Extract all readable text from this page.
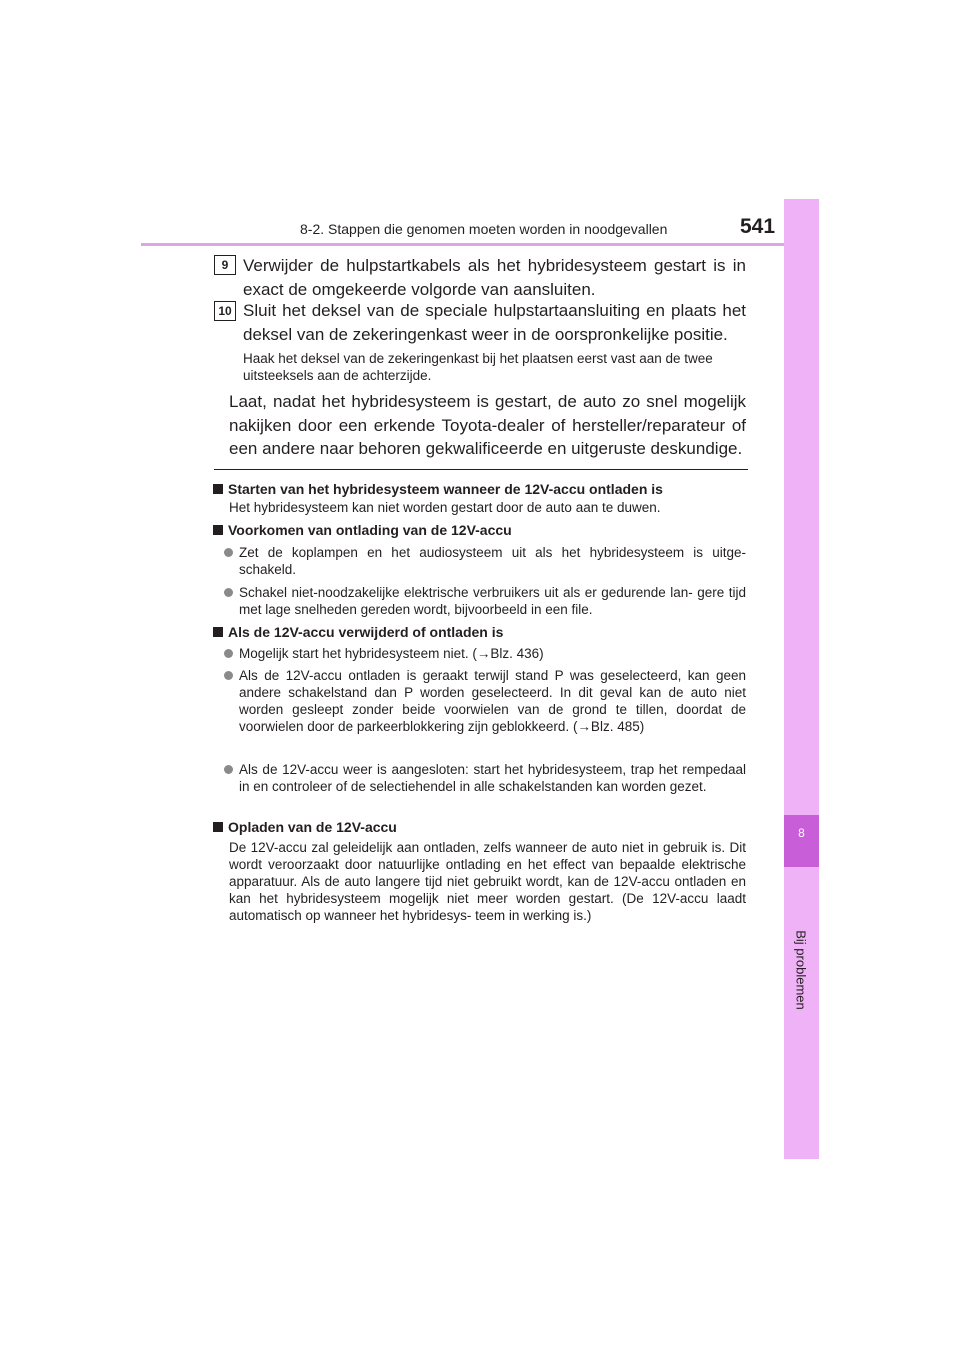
8-2. Stappen die genomen moeten worden in noodgevallen	541
8
Bij problemen
9 Verwijder de hulpstartkabels als het hybridesysteem gestart is in exact de omgekeerde volgorde van aansluiten.
10 Sluit het deksel van de speciale hulpstartaansluiting en plaats het deksel van de zekeringenkast weer in de oorspronkelijke positie.
Haak het deksel van de zekeringenkast bij het plaatsen eerst vast aan de twee uitsteeksels aan de achterzijde.
Laat, nadat het hybridesysteem is gestart, de auto zo snel mogelijk nakijken door een erkende Toyota-dealer of hersteller/reparateur of een andere naar behoren gekwalificeerde en uitgeruste deskundige.
Starten van het hybridesysteem wanneer de 12V-accu ontladen is
Het hybridesysteem kan niet worden gestart door de auto aan te duwen.
Voorkomen van ontlading van de 12V-accu
Zet de koplampen en het audiosysteem uit als het hybridesysteem is uitge- schakeld.
Schakel niet-noodzakelijke elektrische verbruikers uit als er gedurende lan- gere tijd met lage snelheden gereden wordt, bijvoorbeeld in een file.
Als de 12V-accu verwijderd of ontladen is
Mogelijk start het hybridesysteem niet. (→Blz. 436)
Als de 12V-accu ontladen is geraakt terwijl stand P was geselecteerd, kan geen andere schakelstand dan P worden geselecteerd. In dit geval kan de auto niet worden gesleept zonder beide voorwielen van de grond te tillen, doordat de voorwielen door de parkeerblokkering zijn geblokkeerd. (→Blz. 485)
Als de 12V-accu weer is aangesloten: start het hybridesysteem, trap het rempedaal in en controleer of de selectiehendel in alle schakelstanden kan worden gezet.
Opladen van de 12V-accu
De 12V-accu zal geleidelijk aan ontladen, zelfs wanneer de auto niet in gebruik is. Dit wordt veroorzaakt door natuurlijke ontlading en het effect van bepaalde elektrische apparatuur. Als de auto langere tijd niet gebruikt wordt, kan de 12V-accu ontladen en kan het hybridesysteem mogelijk niet meer worden gestart. (De 12V-accu laadt automatisch op wanneer het hybridesys- teem in werking is.)
